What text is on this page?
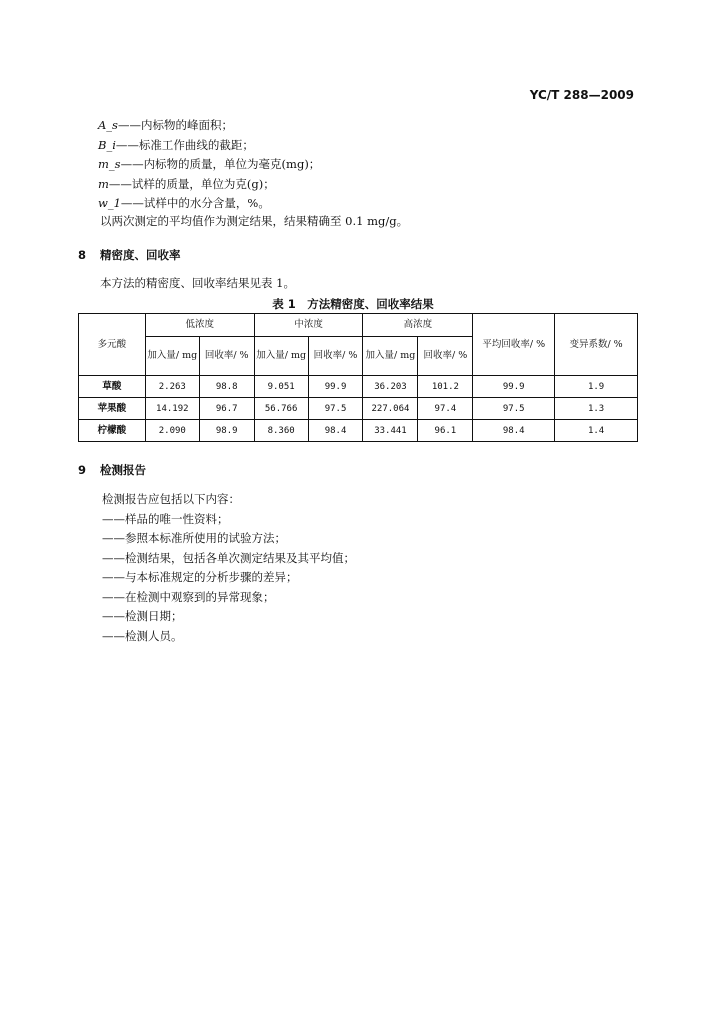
YC/T 288—2009
A_s——内标物的峰面积；
B_i——标准工作曲线的截距；
m_s——内标物的质量，单位为毫克(mg)；
m——试样的质量，单位为克(g)；
w_1——试样中的水分含量，%。
以两次测定的平均值作为测定结果，结果精确至 0.1 mg/g。
8 精密度、回收率
本方法的精密度、回收率结果见表 1。
表 1　方法精密度、回收率结果
多元酸	低浓度		中浓度		高浓度		平均回收率/ %	变异系数/ %
	加入量/ mg	回收率/ %	加入量/ mg	回收率/ %	加入量/ mg	回收率/ %		
草酸	2.263	98.8	9.051	99.9	36.203	101.2	99.9	1.9
苹果酸	14.192	96.7	56.766	97.5	227.064	97.4	97.5	1.3
柠檬酸	2.090	98.9	8.360	98.4	33.441	96.1	98.4	1.4
9 检测报告
检测报告应包括以下内容：
——样品的唯一性资料；
——参照本标准所使用的试验方法；
——检测结果，包括各单次测定结果及其平均值；
——与本标准规定的分析步骤的差异；
——在检测中观察到的异常现象；
——检测日期；
——检测人员。
